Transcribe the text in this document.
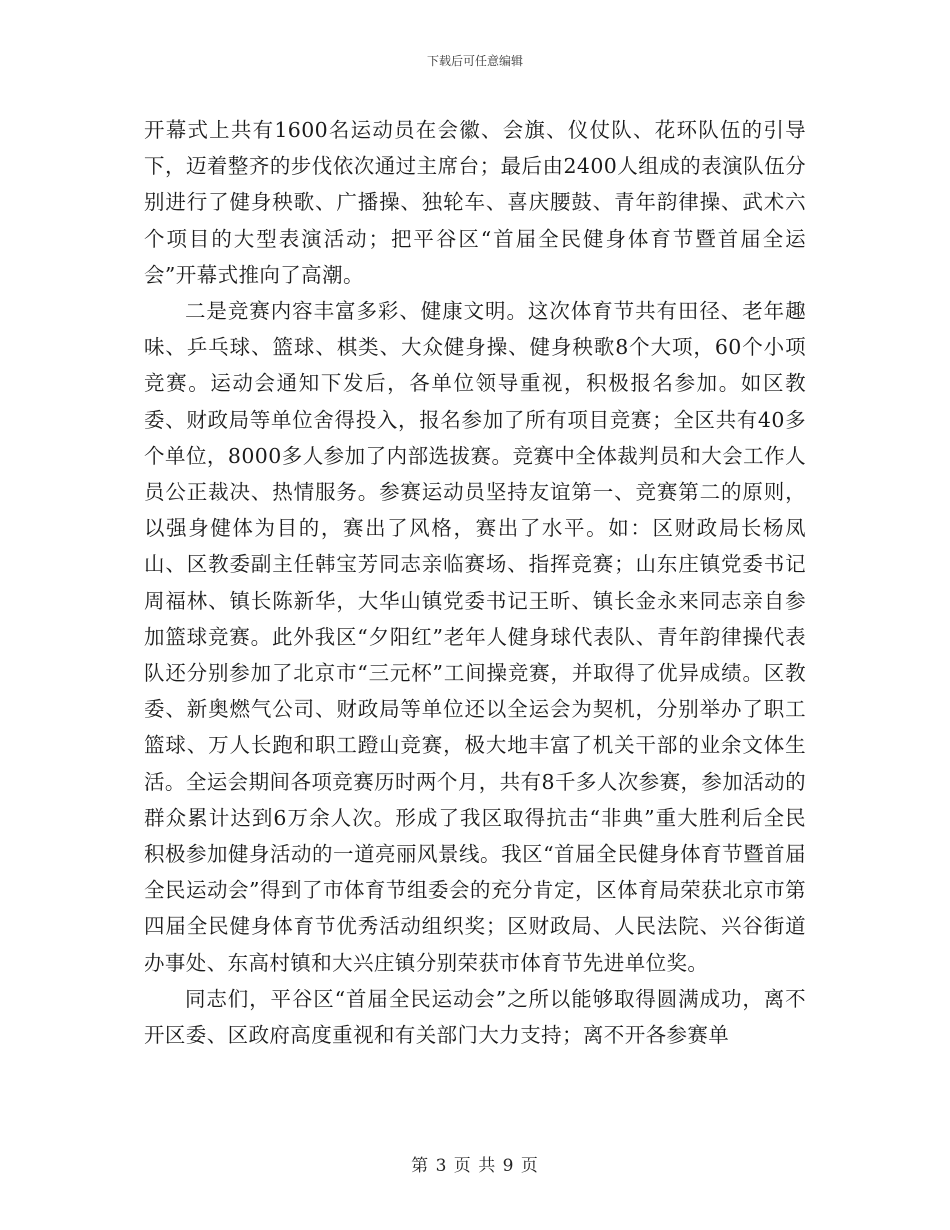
下载后可任意编辑

开幕式上共有1600名运动员在会徽、会旗、仪仗队、花环队伍的引导下，迈着整齐的步伐依次通过主席台；最后由2400人组成的表演队伍分别进行了健身秧歌、广播操、独轮车、喜庆腰鼓、青年韵律操、武术六个项目的大型表演活动；把平谷区“首届全民健身体育节暨首届全运会”开幕式推向了高潮。

二是竞赛内容丰富多彩、健康文明。这次体育节共有田径、老年趣味、乒乓球、篮球、棋类、大众健身操、健身秧歌8个大项，60个小项竞赛。运动会通知下发后，各单位领导重视，积极报名参加。如区教委、财政局等单位舍得投入，报名参加了所有项目竞赛；全区共有40多个单位，8000多人参加了内部选拔赛。竞赛中全体裁判员和大会工作人员公正裁决、热情服务。参赛运动员坚持友谊第一、竞赛第二的原则，以强身健体为目的，赛出了风格，赛出了水平。如：区财政局长杨凤山、区教委副主任韩宝芳同志亲临赛场、指挥竞赛；山东庄镇党委书记周福林、镇长陈新华，大华山镇党委书记王昕、镇长金永来同志亲自参加篮球竞赛。此外我区“夕阳红”老年人健身球代表队、青年韵律操代表队还分别参加了北京市“三元杯”工间操竞赛，并取得了优异成绩。区教委、新奥燃气公司、财政局等单位还以全运会为契机，分别举办了职工篮球、万人长跑和职工蹬山竞赛，极大地丰富了机关干部的业余文体生活。全运会期间各项竞赛历时两个月，共有8千多人次参赛，参加活动的群众累计达到6万余人次。形成了我区取得抗击“非典”重大胜利后全民积极参加健身活动的一道亮丽风景线。我区“首届全民健身体育节暨首届全民运动会”得到了市体育节组委会的充分肯定，区体育局荣获北京市第四届全民健身体育节优秀活动组织奖；区财政局、人民法院、兴谷街道办事处、东高村镇和大兴庄镇分别荣获市体育节先进单位奖。

同志们，平谷区“首届全民运动会”之所以能够取得圆满成功，离不开区委、区政府高度重视和有关部门大力支持；离不开各参赛单

第 3 页 共 9 页
